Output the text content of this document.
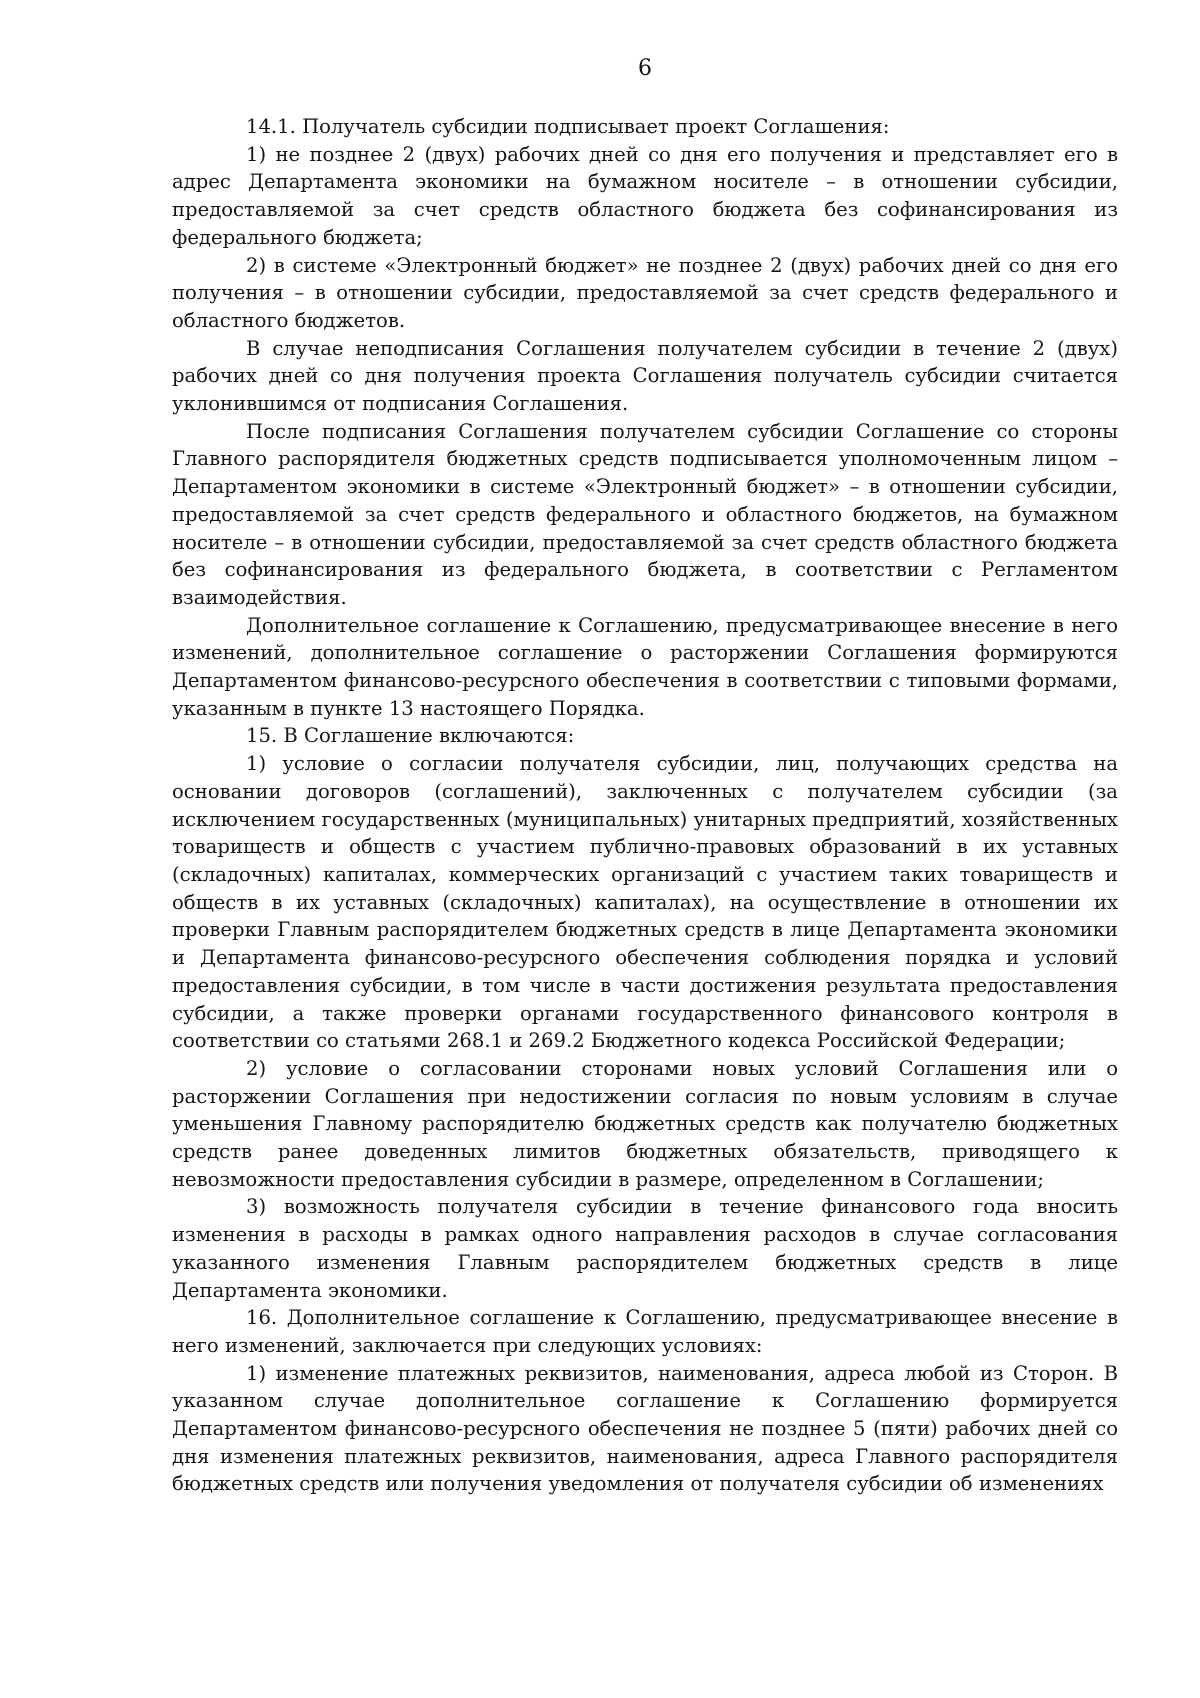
6

14.1. Получатель субсидии подписывает проект Соглашения:

1) не позднее 2 (двух) рабочих дней со дня его получения и представляет его в адрес Департамента экономики на бумажном носителе – в отношении субсидии, предоставляемой за счет средств областного бюджета без софинансирования из федерального бюджета;

2) в системе «Электронный бюджет» не позднее 2 (двух) рабочих дней со дня его получения – в отношении субсидии, предоставляемой за счет средств федерального и областного бюджетов.

В случае неподписания Соглашения получателем субсидии в течение 2 (двух) рабочих дней со дня получения проекта Соглашения получатель субсидии считается уклонившимся от подписания Соглашения.

После подписания Соглашения получателем субсидии Соглашение со стороны Главного распорядителя бюджетных средств подписывается уполномоченным лицом – Департаментом экономики в системе «Электронный бюджет» – в отношении субсидии, предоставляемой за счет средств федерального и областного бюджетов, на бумажном носителе – в отношении субсидии, предоставляемой за счет средств областного бюджета без софинансирования из федерального бюджета, в соответствии с Регламентом взаимодействия.

Дополнительное соглашение к Соглашению, предусматривающее внесение в него изменений, дополнительное соглашение о расторжении Соглашения формируются Департаментом финансово-ресурсного обеспечения в соответствии с типовыми формами, указанным в пункте 13 настоящего Порядка.

15. В Соглашение включаются:

1) условие о согласии получателя субсидии, лиц, получающих средства на основании договоров (соглашений), заключенных с получателем субсидии (за исключением государственных (муниципальных) унитарных предприятий, хозяйственных товариществ и обществ с участием публично-правовых образований в их уставных (складочных) капиталах, коммерческих организаций с участием таких товариществ и обществ в их уставных (складочных) капиталах), на осуществление в отношении их проверки Главным распорядителем бюджетных средств в лице Департамента экономики и Департамента финансово-ресурсного обеспечения соблюдения порядка и условий предоставления субсидии, в том числе в части достижения результата предоставления субсидии, а также проверки органами государственного финансового контроля в соответствии со статьями 268.1 и 269.2 Бюджетного кодекса Российской Федерации;

2) условие о согласовании сторонами новых условий Соглашения или о расторжении Соглашения при недостижении согласия по новым условиям в случае уменьшения Главному распорядителю бюджетных средств как получателю бюджетных средств ранее доведенных лимитов бюджетных обязательств, приводящего к невозможности предоставления субсидии в размере, определенном в Соглашении;

3) возможность получателя субсидии в течение финансового года вносить изменения в расходы в рамках одного направления расходов в случае согласования указанного изменения Главным распорядителем бюджетных средств в лице Департамента экономики.

16. Дополнительное соглашение к Соглашению, предусматривающее внесение в него изменений, заключается при следующих условиях:

1) изменение платежных реквизитов, наименования, адреса любой из Сторон. В указанном случае дополнительное соглашение к Соглашению формируется Департаментом финансово-ресурсного обеспечения не позднее 5 (пяти) рабочих дней со дня изменения платежных реквизитов, наименования, адреса Главного распорядителя бюджетных средств или получения уведомления от получателя субсидии об изменениях
